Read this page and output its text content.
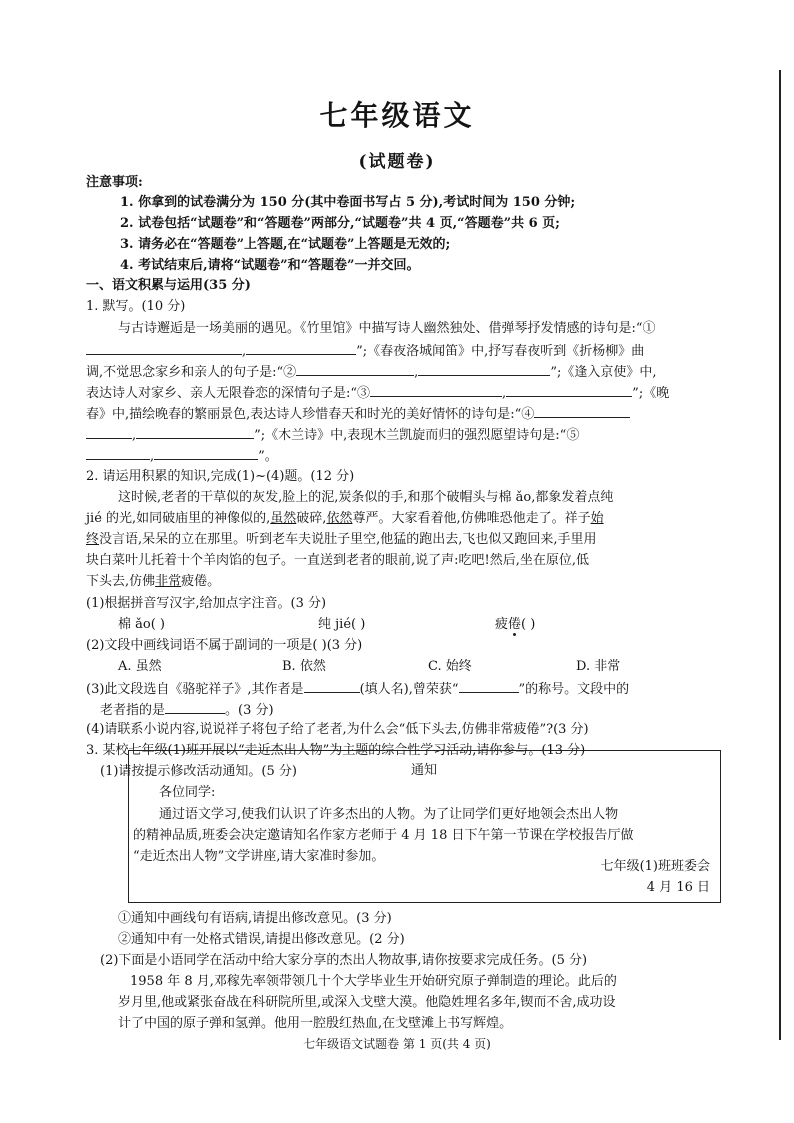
七年级语文
(试题卷)
注意事项:
1. 你拿到的试卷满分为 150 分(其中卷面书写占 5 分),考试时间为 150 分钟;
2. 试卷包括“试题卷”和“答题卷”两部分,“试题卷”共 4 页,“答题卷”共 6 页;
3. 请务必在“答题卷”上答题,在“试题卷”上答题是无效的;
4. 考试结束后,请将“试题卷”和“答题卷”一并交回。
一、语文积累与运用(35 分)
1. 默写。(10 分)
与古诗邂逅是一场美丽的遇见。《竹里馆》中描写诗人幽然独处、借弹琴抒发情感的诗句是:“①
,	”;《春夜洛城闻笛》中,抒写春夜听到《折杨柳》曲
调,不觉思念家乡和亲人的句子是:“②	,	”;《逢入京使》中,
表达诗人对家乡、亲人无限眷恋的深情句子是:“③	,	”;《晚
春》中,描绘晚春的繁丽景色,表达诗人珍惜春天和时光的美好情怀的诗句是:“④
,	”;《木兰诗》中,表现木兰凯旋而归的强烈愿望诗句是:“⑤
,	”。
2. 请运用积累的知识,完成(1)~(4)题。(12 分)
这时候,老者的干草似的灰发,脸上的泥,炭条似的手,和那个破帽头与棉 ǎo,都象发着点纯
jié 的光,如同破庙里的神像似的,虽然破碎,依然尊严。大家看着他,仿佛唯恐他走了。祥子始
终没言语,呆呆的立在那里。听到老车夫说肚子里空,他猛的跑出去,飞也似又跑回来,手里用
块白菜叶儿托着十个羊肉馅的包子。一直送到老者的眼前,说了声:吃吧!然后,坐在原位,低
下头去,仿佛非常疲倦。
(1)根据拼音写汉字,给加点字注音。(3 分)
棉 ǎo( )	纯 jié( )	疲倦( )
(2)文段中画线词语不属于副词的一项是( )(3 分)
A. 虽然	B. 依然	C. 始终	D. 非常
(3)此文段选自《骆驼祥子》,其作者是	(填人名),曾荣获“	”的称号。文段中的
老者指的是	。(3 分)
(4)请联系小说内容,说说祥子将包子给了老者,为什么会“低下头去,仿佛非常疲倦”?(3 分)
3. 某校七年级(1)班开展以“走近杰出人物”为主题的综合性学习活动,请你参与。(13 分)
(1)请按提示修改活动通知。(5 分)	通知
各位同学:
通过语文学习,使我们认识了许多杰出的人物。为了让同学们更好地领会杰出人物
的精神品质,班委会决定邀请知名作家方老师于 4 月 18 日下午第一节课在学校报告厅做
“走近杰出人物”文学讲座,请大家准时参加。
七年级(1)班班委会
4 月 16 日
①通知中画线句有语病,请提出修改意见。(3 分)
②通知中有一处格式错误,请提出修改意见。(2 分)
(2)下面是小语同学在活动中给大家分享的杰出人物故事,请你按要求完成任务。(5 分)
1958 年 8 月,邓稼先率领带领几十个大学毕业生开始研究原子弹制造的理论。此后的
岁月里,他或紧张奋战在科研院所里,或深入戈壁大漠。他隐姓埋名多年,锲而不舍,成功设
计了中国的原子弹和氢弹。他用一腔殷红热血,在戈壁滩上书写辉煌。
七年级语文试题卷 第 1 页(共 4 页)
